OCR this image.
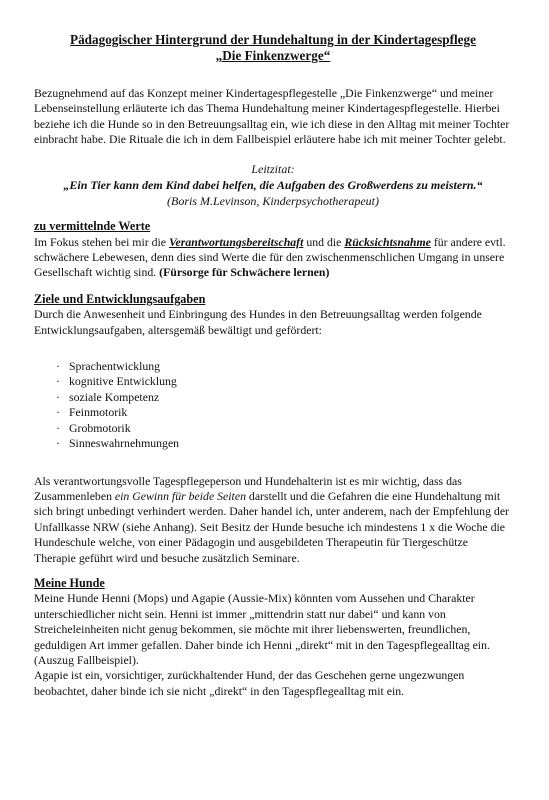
Pädagogischer Hintergrund der Hundehaltung in der Kindertagespflege
„Die Finkenzwerge“

Bezugnehmend auf das Konzept meiner Kindertagespflegestelle „Die Finkenzwerge“ und meiner Lebenseinstellung erläuterte ich das Thema Hundehaltung meiner Kindertagespflegestelle. Hierbei beziehe ich die Hunde so in den Betreuungsalltag ein, wie ich diese in den Alltag mit meiner Tochter einbracht habe. Die Rituale die ich in dem Fallbeispiel erläutere habe ich mit meiner Tochter gelebt.

Leitzitat:
„Ein Tier kann dem Kind dabei helfen, die Aufgaben des Großwerdens zu meistern.“
(Boris M.Levinson, Kinderpsychotherapeut)
zu vermittelnde Werte

Im Fokus stehen bei mir die Verantwortungsbereitschaft und die Rücksichtsnahme für andere evtl. schwächere Lebewesen, denn dies sind Werte die für den zwischenmenschlichen Umgang in unsere Gesellschaft wichtig sind. (Fürsorge für Schwächere lernen)

Ziele und Entwicklungsaufgaben

Durch die Anwesenheit und Einbringung des Hundes in den Betreuungsalltag werden folgende Entwicklungsaufgaben, altersgemäß bewältigt und gefördert:

· Sprachentwicklung
· kognitive Entwicklung
· soziale Kompetenz
· Feinmotorik
· Grobmotorik
· Sinneswahrnehmungen

Als verantwortungsvolle Tagespflegeperson und Hundehalterin ist es mir wichtig, dass das Zusammenleben ein Gewinn für beide Seiten darstellt und die Gefahren die eine Hundehaltung mit sich bringt unbedingt verhindert werden. Daher handel ich, unter anderem, nach der Empfehlung der Unfallkasse NRW (siehe Anhang). Seit Besitz der Hunde besuche ich mindestens 1 x die Woche die Hundeschule welche, von einer Pädagogin und ausgebildeten Therapeutin für Tiergeschütze Therapie geführt wird und besuche zusätzlich Seminare.

Meine Hunde

Meine Hunde Henni (Mops) und Agapie (Aussie-Mix) könnten vom Aussehen und Charakter unterschiedlicher nicht sein. Henni ist immer „mittendrin statt nur dabei“ und kann von Streicheleinheiten nicht genug bekommen, sie möchte mit ihrer liebenswerten, freundlichen, geduldigen Art immer gefallen. Daher binde ich Henni „direkt“ mit in den Tagespflegealltag ein. (Auszug Fallbeispiel).

Agapie ist ein, vorsichtiger, zurückhaltender Hund, der das Geschehen gerne ungezwungen beobachtet, daher binde ich sie nicht „direkt“ in den Tagespflegealltag mit ein.
